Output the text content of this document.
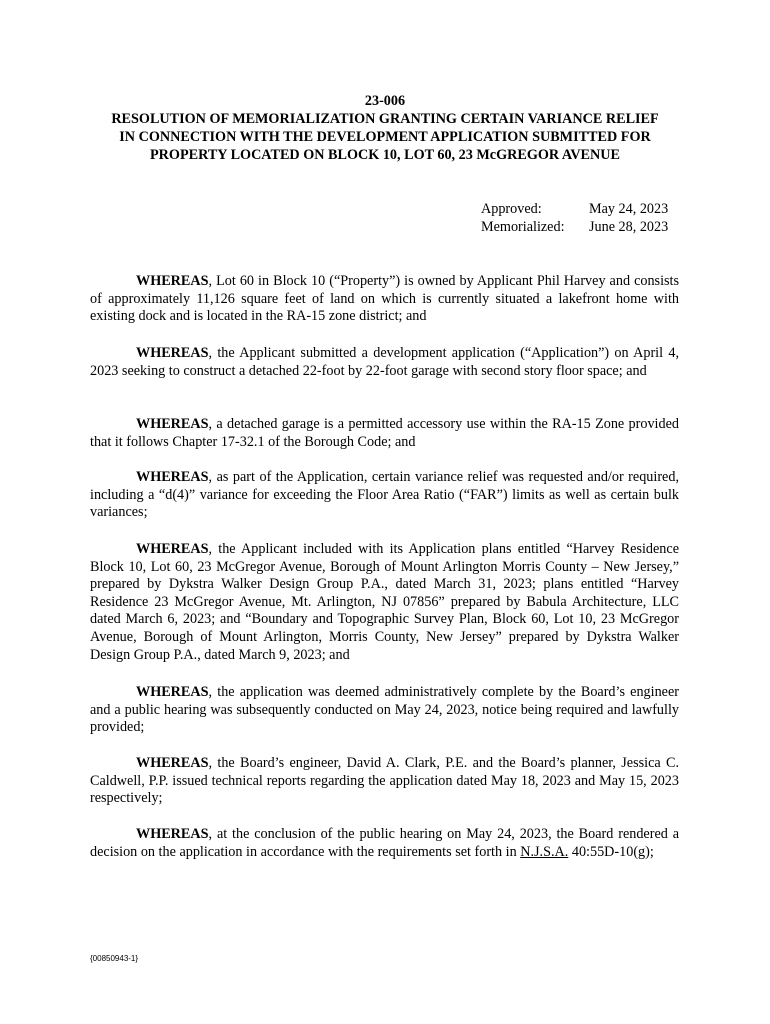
23-006
RESOLUTION OF MEMORIALIZATION GRANTING CERTAIN VARIANCE RELIEF
IN CONNECTION WITH THE DEVELOPMENT APPLICATION SUBMITTED FOR
PROPERTY LOCATED ON BLOCK 10, LOT 60, 23 McGREGOR AVENUE
Approved:	May 24, 2023
Memorialized:	June 28, 2023

WHEREAS, Lot 60 in Block 10 (“Property”) is owned by Applicant Phil Harvey and consists of approximately 11,126 square feet of land on which is currently situated a lakefront home with existing dock and is located in the RA-15 zone district; and

WHEREAS, the Applicant submitted a development application (“Application”) on April 4, 2023 seeking to construct a detached 22-foot by 22-foot garage with second story floor space; and

WHEREAS, a detached garage is a permitted accessory use within the RA-15 Zone provided that it follows Chapter 17-32.1 of the Borough Code; and

WHEREAS, as part of the Application, certain variance relief was requested and/or required, including a “d(4)” variance for exceeding the Floor Area Ratio (“FAR”) limits as well as certain bulk variances;

WHEREAS, the Applicant included with its Application plans entitled “Harvey Residence Block 10, Lot 60, 23 McGregor Avenue, Borough of Mount Arlington Morris County – New Jersey,” prepared by Dykstra Walker Design Group P.A., dated March 31, 2023; plans entitled “Harvey Residence 23 McGregor Avenue, Mt. Arlington, NJ 07856” prepared by Babula Architecture, LLC dated March 6, 2023; and “Boundary and Topographic Survey Plan, Block 60, Lot 10, 23 McGregor Avenue, Borough of Mount Arlington, Morris County, New Jersey” prepared by Dykstra Walker Design Group P.A., dated March 9, 2023; and

WHEREAS, the application was deemed administratively complete by the Board’s engineer and a public hearing was subsequently conducted on May 24, 2023, notice being required and lawfully provided;

WHEREAS, the Board’s engineer, David A. Clark, P.E. and the Board’s planner, Jessica C. Caldwell, P.P. issued technical reports regarding the application dated May 18, 2023 and May 15, 2023 respectively;

WHEREAS, at the conclusion of the public hearing on May 24, 2023, the Board rendered a decision on the application in accordance with the requirements set forth in N.J.S.A. 40:55D-10(g);

{00850943-1}
